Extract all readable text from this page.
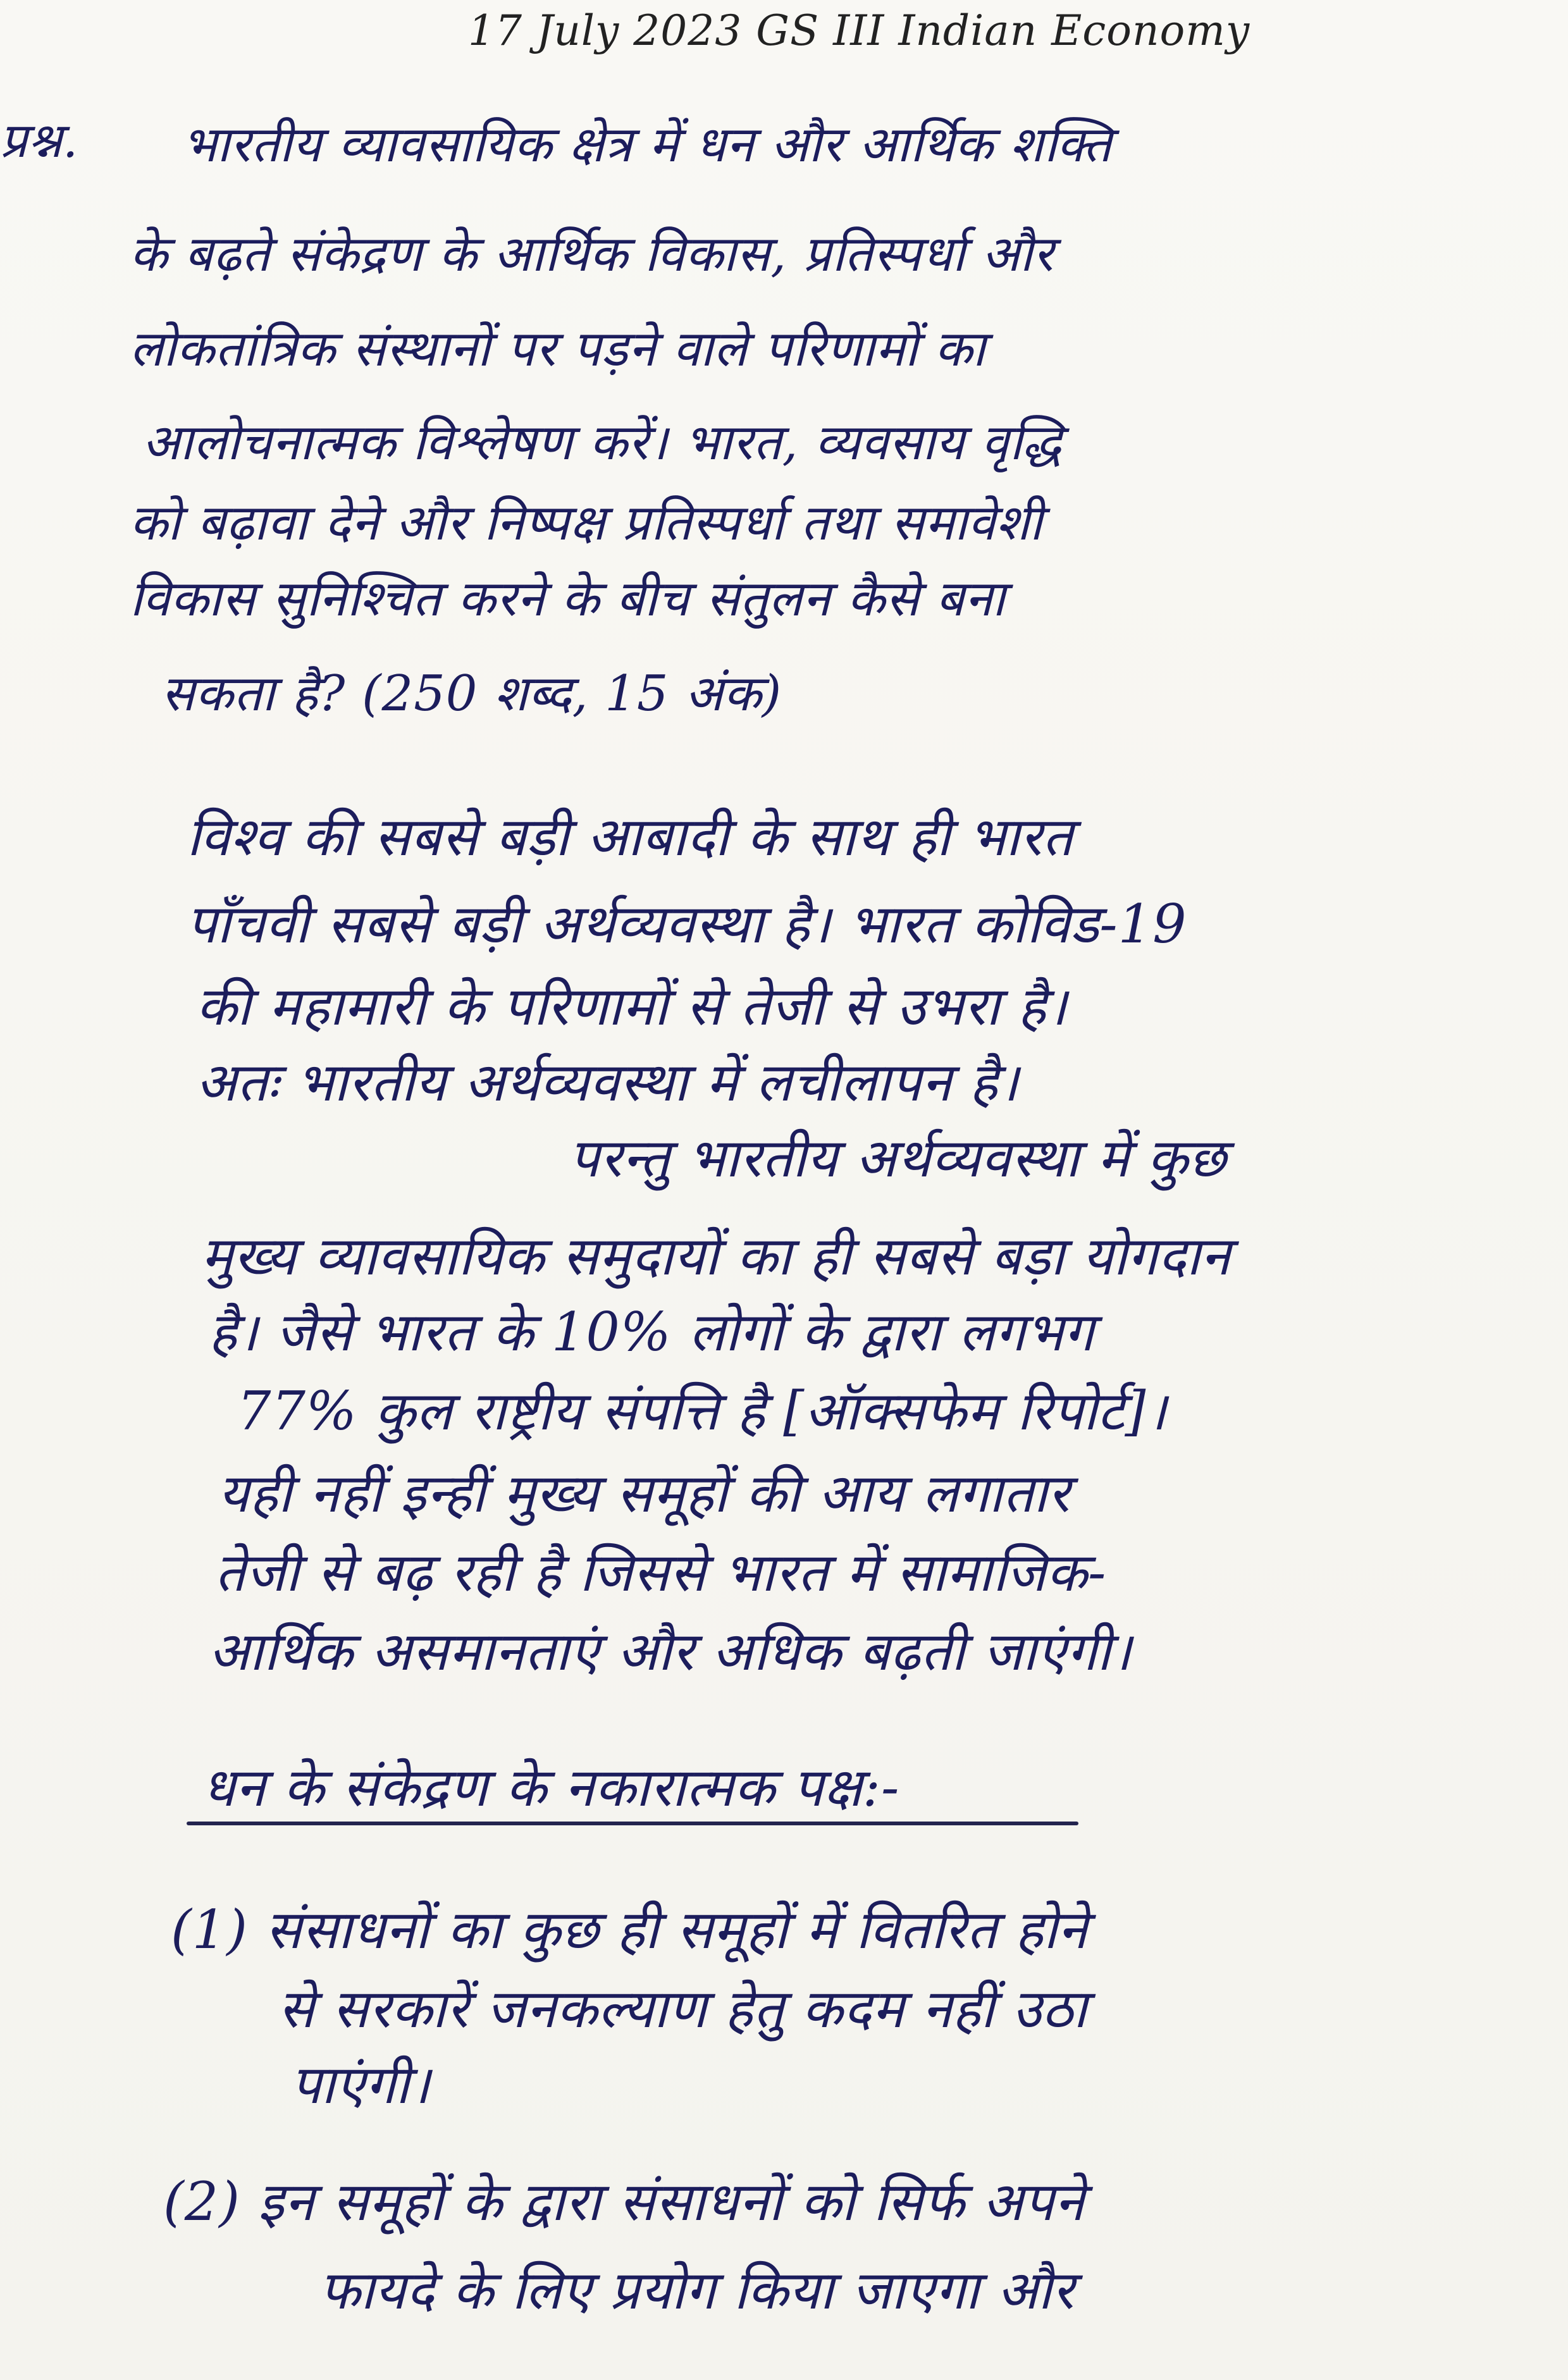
17 July 2023 GS III Indian Economy
प्रश्न. भारतीय व्यावसायिक क्षेत्र में धन और आर्थिक शक्ति
के बढ़ते संकेद्रण के आर्थिक विकास, प्रतिस्पर्धा और
लोकतांत्रिक संस्थानों पर पड़ने वाले परिणामों का
आलोचनात्मक विश्लेषण करें। भारत, व्यवसाय वृद्धि
को बढ़ावा देने और निष्पक्ष प्रतिस्पर्धा तथा समावेशी
विकास सुनिश्चित करने के बीच संतुलन कैसे बना
सकता है? (250 शब्द, 15 अंक)
विश्व की सबसे बड़ी आबादी के साथ ही भारत
पाँचवी सबसे बड़ी अर्थव्यवस्था है। भारत कोविड-19
की महामारी के परिणामों से तेजी से उभरा है।
अतः भारतीय अर्थव्यवस्था में लचीलापन है।
परन्तु भारतीय अर्थव्यवस्था में कुछ
मुख्य व्यावसायिक समुदायों का ही सबसे बड़ा योगदान
है। जैसे भारत के 10% लोगों के द्वारा लगभग
77% कुल राष्ट्रीय संपत्ति है [ऑक्सफेम रिपोर्ट]।
यही नहीं इन्हीं मुख्य समूहों की आय लगातार
तेजी से बढ़ रही है जिससे भारत में सामाजिक-
आर्थिक असमानताएं और अधिक बढ़ती जाएंगी।
धन के संकेद्रण के नकारात्मक पक्ष:-
(1) संसाधनों का कुछ ही समूहों में वितरित होने
से सरकारें जनकल्याण हेतु कदम नहीं उठा
पाएंगी।
(2) इन समूहों के द्वारा संसाधनों को सिर्फ अपने
फायदे के लिए प्रयोग किया जाएगा और
